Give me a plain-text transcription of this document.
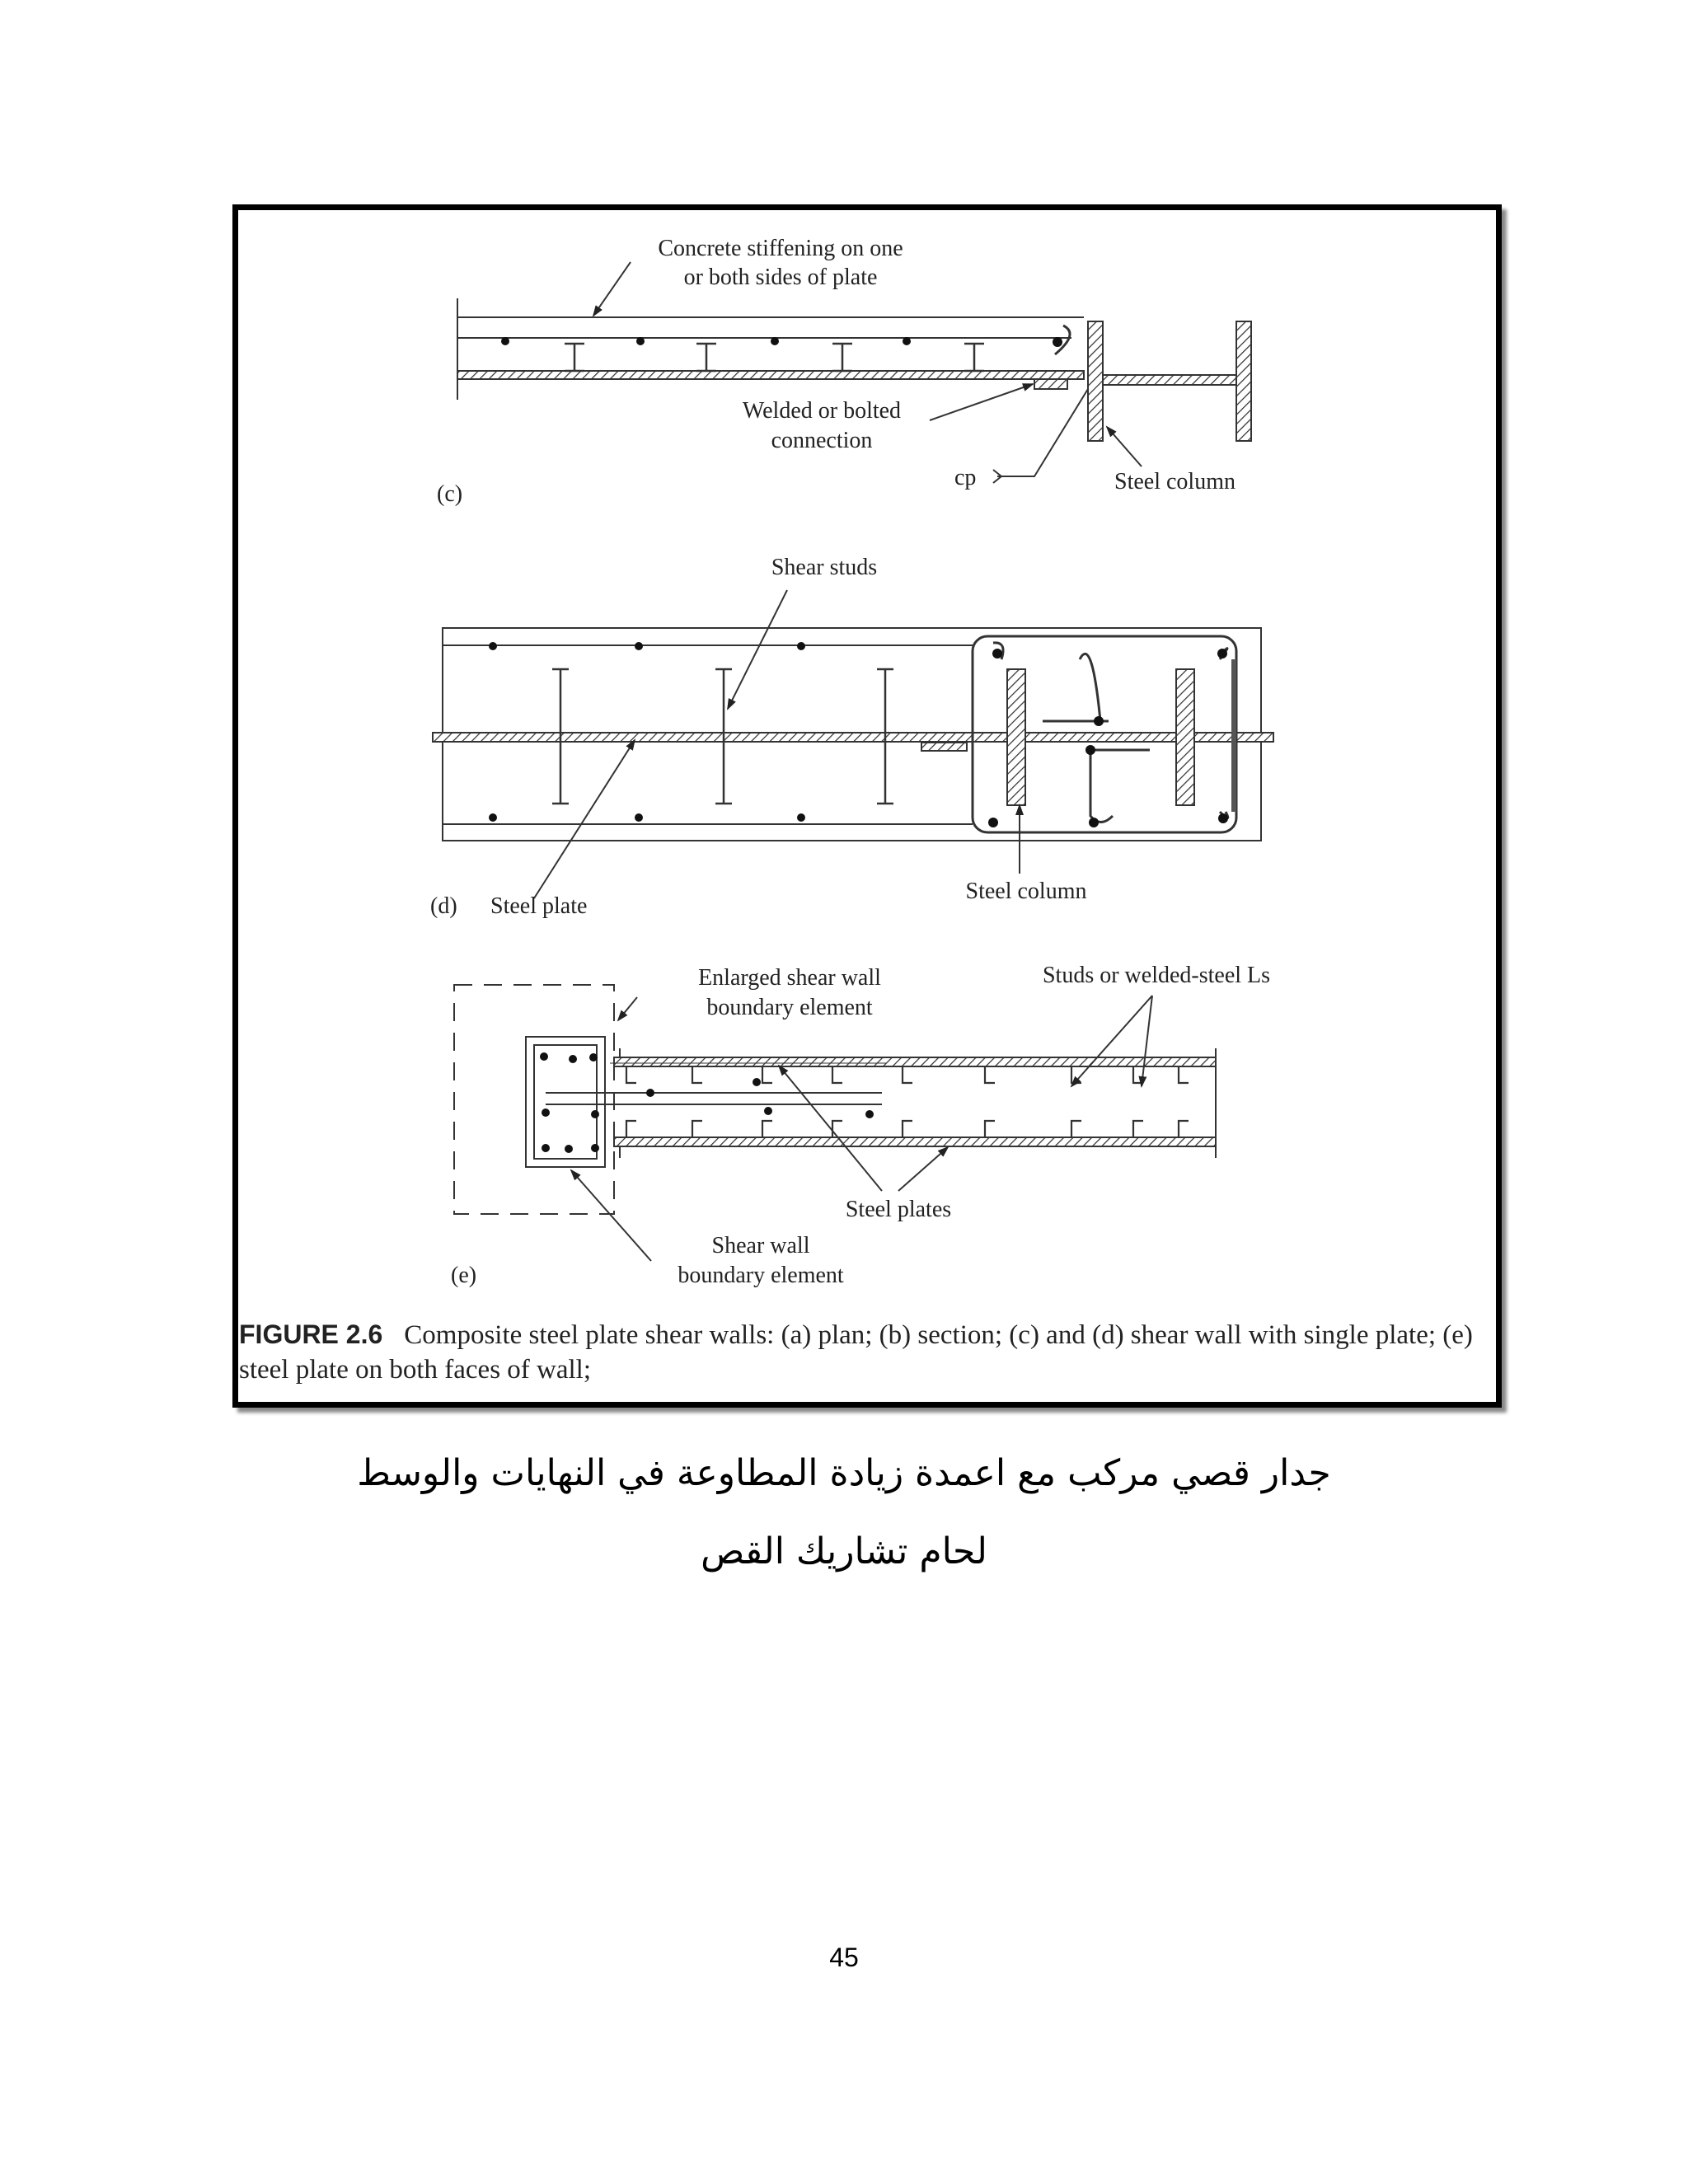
Concrete stiffening on one
or both sides of plate
Welded or bolted
connection
cp	Steel column
(c)
Shear studs
(d) Steel plate
Steel column
Enlarged shear wall
boundary element
Studs or welded-steel Ls
Steel plates
Shear wall
boundary element
(e)
FIGURE 2.6 Composite steel plate shear walls: (a) plan; (b) section; (c) and (d) shear wall with single plate; (e) steel plate on both faces of wall;
جدار قصي مركب مع اعمدة زيادة المطاوعة في النهايات والوسط
لحام تشاريك القص
45
